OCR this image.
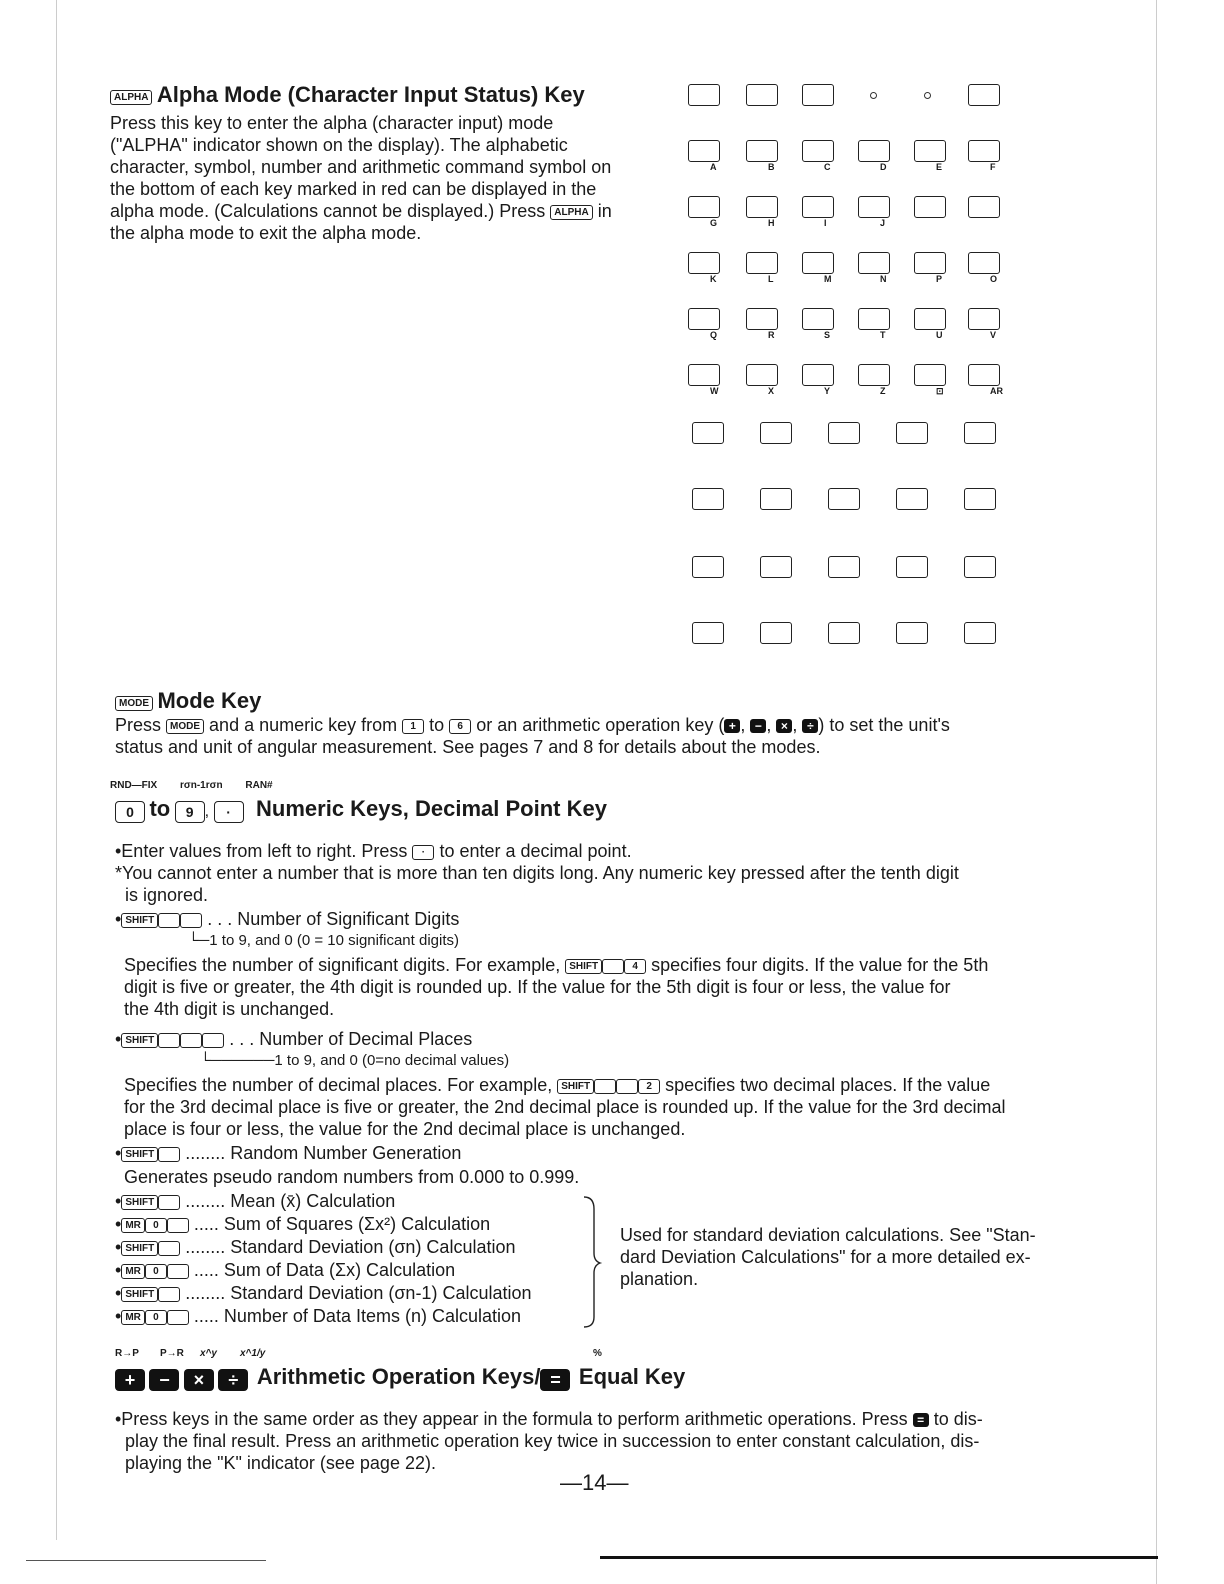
ALPHA Alpha Mode (Character Input Status) Key
Press this key to enter the alpha (character input) mode
("ALPHA" indicator shown on the display). The alphabetic
character, symbol, number and arithmetic command symbol on
the bottom of each key marked in red can be displayed in the
alpha mode. (Calculations cannot be displayed.) Press ALPHA in
the alpha mode to exit the alpha mode.
A	B	C	D	E	F
G	H	I	J
K	L	M	N	P	O
Q	R	S	T	U	V
W	X	Y	Z	⊡	AR
MODE Mode Key
Press MODE and a numeric key from 1 to 6 or an arithmetic operation key ( + , − , × , ÷ ) to set the unit's
status and unit of angular measurement. See pages 7 and 8 for details about the modes.
RND—FIX rσn-1rσn RAN#
0 to 9 , · Numeric Keys, Decimal Point Key
•Enter values from left to right. Press · to enter a decimal point.
*You cannot enter a number that is more than ten digits long. Any numeric key pressed after the tenth digit
is ignored.
• SHIFT	. . . Number of Significant Digits
└─1 to 9, and 0 (0 = 10 significant digits)
Specifies the number of significant digits. For example, SHIFT	4 specifies four digits. If the value for the 5th
digit is five or greater, the 4th digit is rounded up. If the value for the 5th digit is four or less, the value for
the 4th digit is unchanged.
• SHIFT	. . . Number of Decimal Places
└──────1 to 9, and 0 (0=no decimal values)
Specifies the number of decimal places. For example, SHIFT	2 specifies two decimal places. If the value
for the 3rd decimal place is five or greater, the 2nd decimal place is rounded up. If the value for the 3rd decimal
place is four or less, the value for the 2nd decimal place is unchanged.
• SHIFT ........ Random Number Generation
Generates pseudo random numbers from 0.000 to 0.999.
• SHIFT ........ Mean (x̄) Calculation
• MR 0 ..... Sum of Squares (Σx²) Calculation
• SHIFT ........ Standard Deviation (σn) Calculation
• MR 0 ..... Sum of Data (Σx) Calculation
• SHIFT ........ Standard Deviation (σn-1) Calculation
• MR 0 ..... Number of Data Items (n) Calculation
Used for standard deviation calculations. See "Stan-
dard Deviation Calculations" for a more detailed ex-
planation.
R→P P→R x^y x^1/y	%
+ − × ÷ Arithmetic Operation Keys/ = Equal Key
•Press keys in the same order as they appear in the formula to perform arithmetic operations. Press = to dis-
play the final result. Press an arithmetic operation key twice in succession to enter constant calculation, dis-
playing the "K" indicator (see page 22).
—14—
